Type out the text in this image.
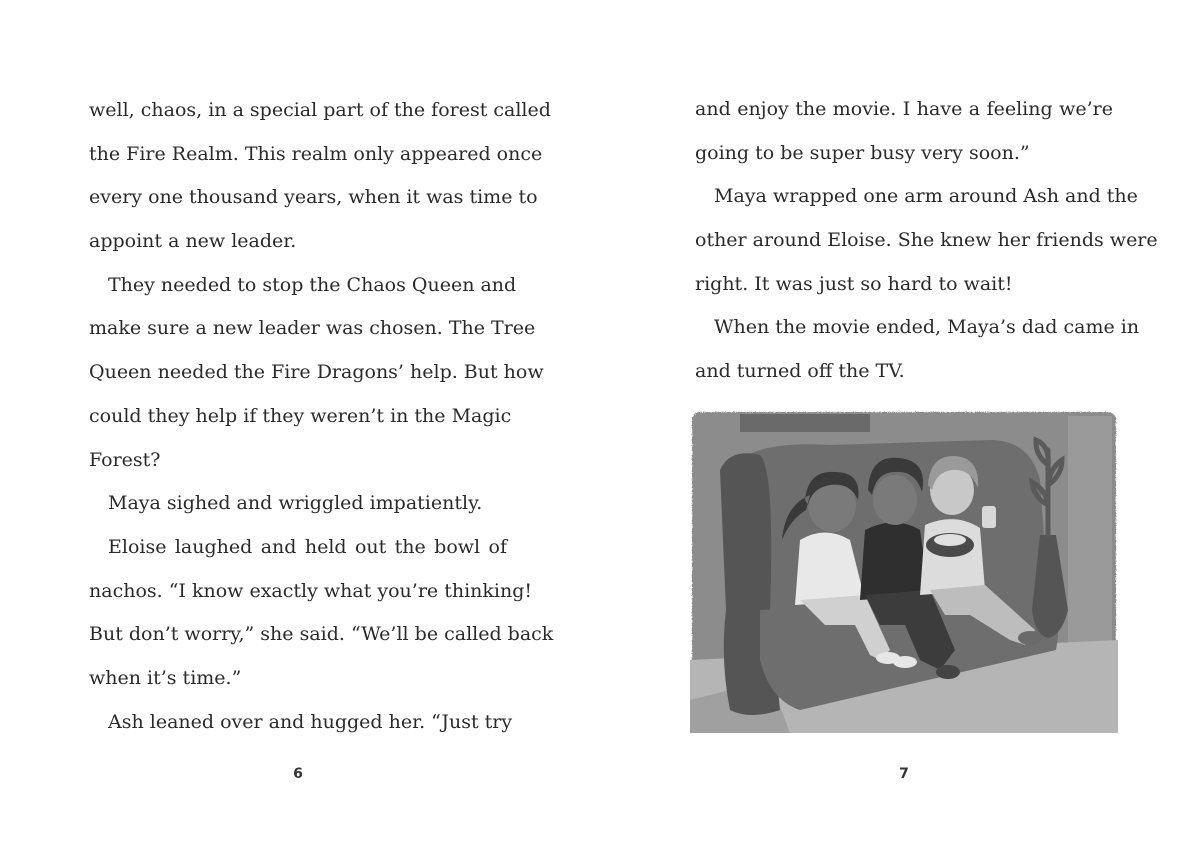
well, chaos, in a special part of the forest called
the Fire Realm. This realm only appeared once
every one thousand years, when it was time to
appoint a new leader.
They needed to stop the Chaos Queen and
make sure a new leader was chosen. The Tree
Queen needed the Fire Dragons’ help. But how
could they help if they weren’t in the Magic
Forest?
Maya sighed and wriggled impatiently.
Eloise laughed and held out the bowl of
nachos. “I know exactly what you’re thinking!
But don’t worry,” she said. “We’ll be called back
when it’s time.”
Ash leaned over and hugged her. “Just try
6
and enjoy the movie. I have a feeling we’re
going to be super busy very soon.”
Maya wrapped one arm around Ash and the
other around Eloise. She knew her friends were
right. It was just so hard to wait!
When the movie ended, Maya’s dad came in
and turned off the TV.
7
